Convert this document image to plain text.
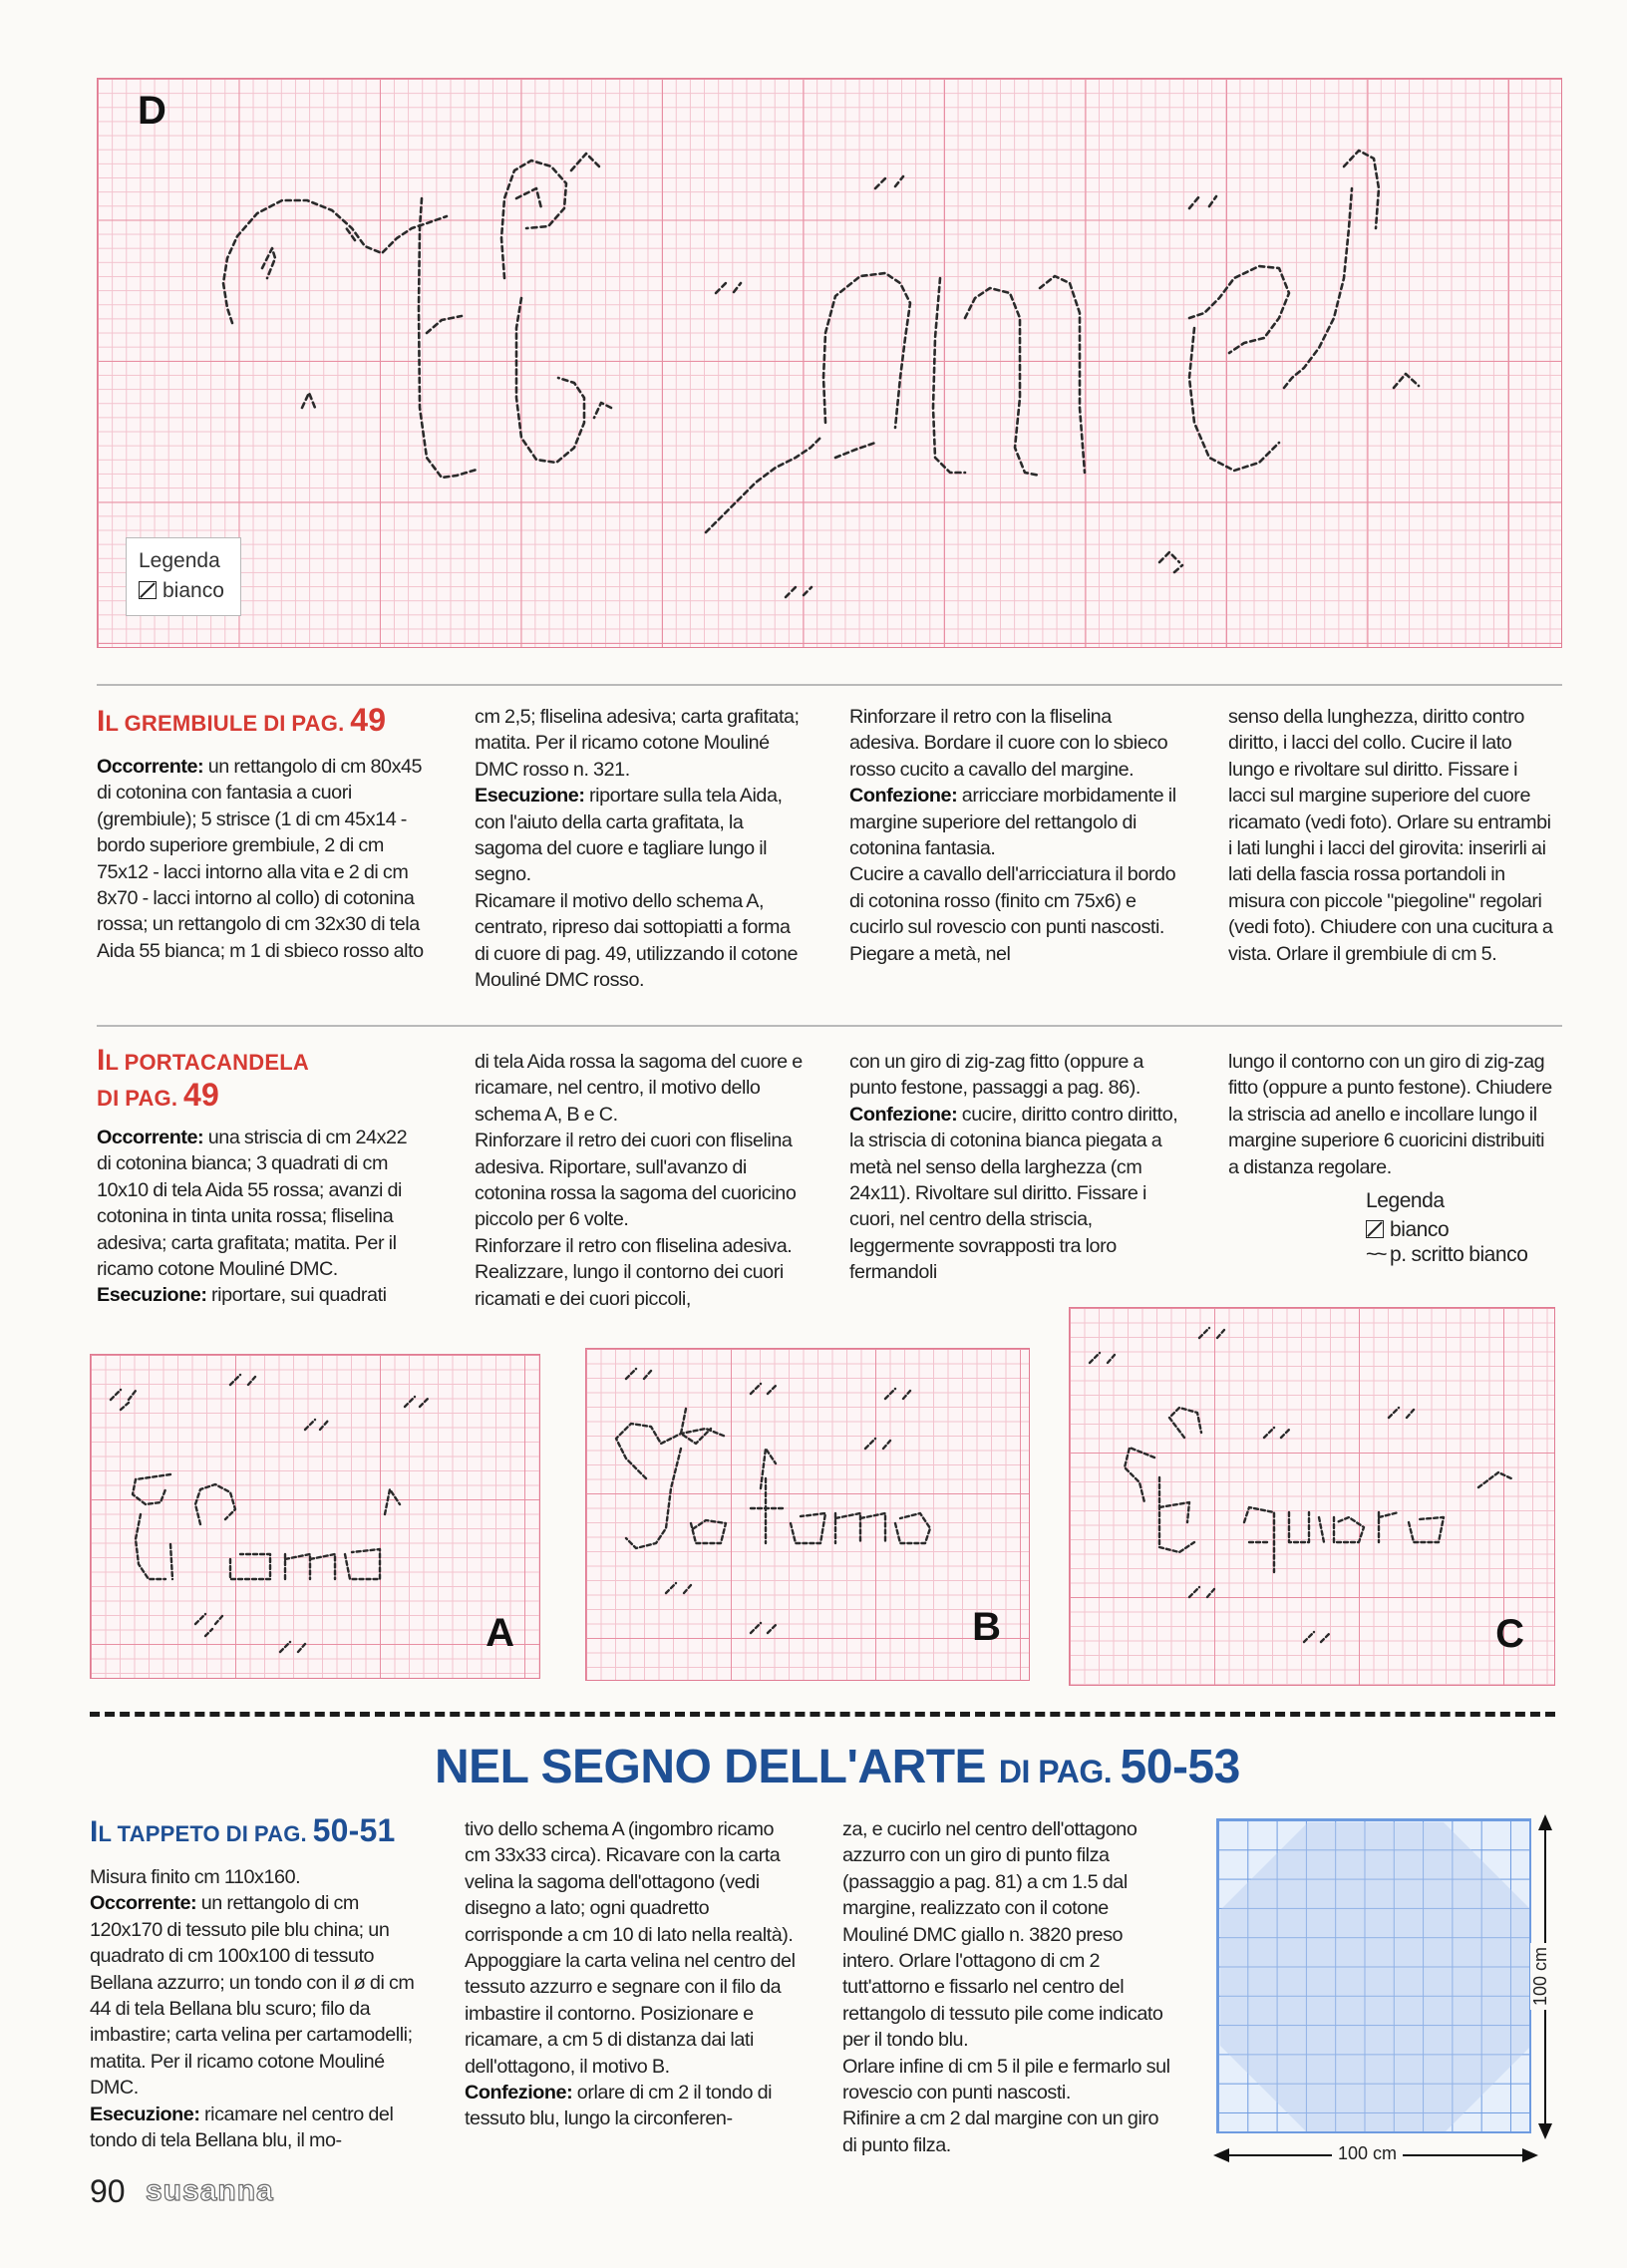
D
Legenda
bianco
IL GREMBIULE DI PAG. 49
Occorrente: un rettangolo di cm 80x45 di cotonina con fantasia a cuori (grembiule); 5 strisce (1 di cm 45x14 - bordo superiore grembiule, 2 di cm 75x12 - lacci intorno alla vita e 2 di cm 8x70 - lacci intorno al collo) di cotonina rossa; un rettangolo di cm 32x30 di tela Aida 55 bianca; m 1 di sbieco rosso alto
cm 2,5; fliselina adesiva; carta grafitata; matita. Per il ricamo cotone Mouliné DMC rosso n. 321.
Esecuzione: riportare sulla tela Aida, con l'aiuto della carta grafitata, la sagoma del cuore e tagliare lungo il segno.
Ricamare il motivo dello schema A, centrato, ripreso dai sottopiatti a forma di cuore di pag. 49, utilizzando il cotone Mouliné DMC rosso.
Rinforzare il retro con la fliselina adesiva. Bordare il cuore con lo sbieco rosso cucito a cavallo del margine.
Confezione: arricciare morbidamente il margine superiore del rettangolo di cotonina fantasia.
Cucire a cavallo dell'arricciatura il bordo di cotonina rosso (finito cm 75x6) e cucirlo sul rovescio con punti nascosti. Piegare a metà, nel
senso della lunghezza, diritto contro diritto, i lacci del collo. Cucire il lato lungo e rivoltare sul diritto. Fissare i lacci sul margine superiore del cuore ricamato (vedi foto). Orlare su entrambi i lati lunghi i lacci del girovita: inserirli ai lati della fascia rossa portandoli in misura con piccole "piegoline" regolari (vedi foto). Chiudere con una cucitura a vista. Orlare il grembiule di cm 5.
IL PORTACANDELA
DI PAG. 49
Occorrente: una striscia di cm 24x22 di cotonina bianca; 3 quadrati di cm 10x10 di tela Aida 55 rossa; avanzi di cotonina in tinta unita rossa; fliselina adesiva; carta grafitata; matita. Per il ricamo cotone Mouliné DMC.
Esecuzione: riportare, sui quadrati
di tela Aida rossa la sagoma del cuore e ricamare, nel centro, il motivo dello schema A, B e C.
Rinforzare il retro dei cuori con fliselina adesiva. Riportare, sull'avanzo di cotonina rossa la sagoma del cuoricino piccolo per 6 volte.
Rinforzare il retro con fliselina adesiva. Realizzare, lungo il contorno dei cuori ricamati e dei cuori piccoli,
con un giro di zig-zag fitto (oppure a punto festone, passaggi a pag. 86).
Confezione: cucire, diritto contro diritto, la striscia di cotonina bianca piegata a metà nel senso della larghezza (cm 24x11). Rivoltare sul diritto. Fissare i cuori, nel centro della striscia, leggermente sovrapposti tra loro fermandoli
lungo il contorno con un giro di zig-zag fitto (oppure a punto festone). Chiudere la striscia ad anello e incollare lungo il margine superiore 6 cuoricini distribuiti a distanza regolare.
Legenda
bianco
~~ p. scritto bianco
A	B	C
NEL SEGNO DELL'ARTE DI PAG. 50-53
IL TAPPETO DI PAG. 50-51
Misura finito cm 110x160.
Occorrente: un rettangolo di cm 120x170 di tessuto pile blu china; un quadrato di cm 100x100 di tessuto Bellana azzurro; un tondo con il ø di cm 44 di tela Bellana blu scuro; filo da imbastire; carta velina per cartamodelli; matita. Per il ricamo cotone Mouliné DMC.
Esecuzione: ricamare nel centro del tondo di tela Bellana blu, il mo-
tivo dello schema A (ingombro ricamo cm 33x33 circa). Ricavare con la carta velina la sagoma dell'ottagono (vedi disegno a lato; ogni quadretto corrisponde a cm 10 di lato nella realtà). Appoggiare la carta velina nel centro del tessuto azzurro e segnare con il filo da imbastire il contorno. Posizionare e ricamare, a cm 5 di distanza dai lati dell'ottagono, il motivo B.
Confezione: orlare di cm 2 il tondo di tessuto blu, lungo la circonferen-
za, e cucirlo nel centro dell'ottagono azzurro con un giro di punto filza (passaggio a pag. 81) a cm 1.5 dal margine, realizzato con il cotone Mouliné DMC giallo n. 3820 preso intero. Orlare l'ottagono di cm 2 tutt'attorno e fissarlo nel centro del rettangolo di tessuto pile come indicato per il tondo blu.
Orlare infine di cm 5 il pile e fermarlo sul rovescio con punti nascosti.
Rifinire a cm 2 dal margine con un giro di punto filza.
100 cm
100 cm
90 susanna
